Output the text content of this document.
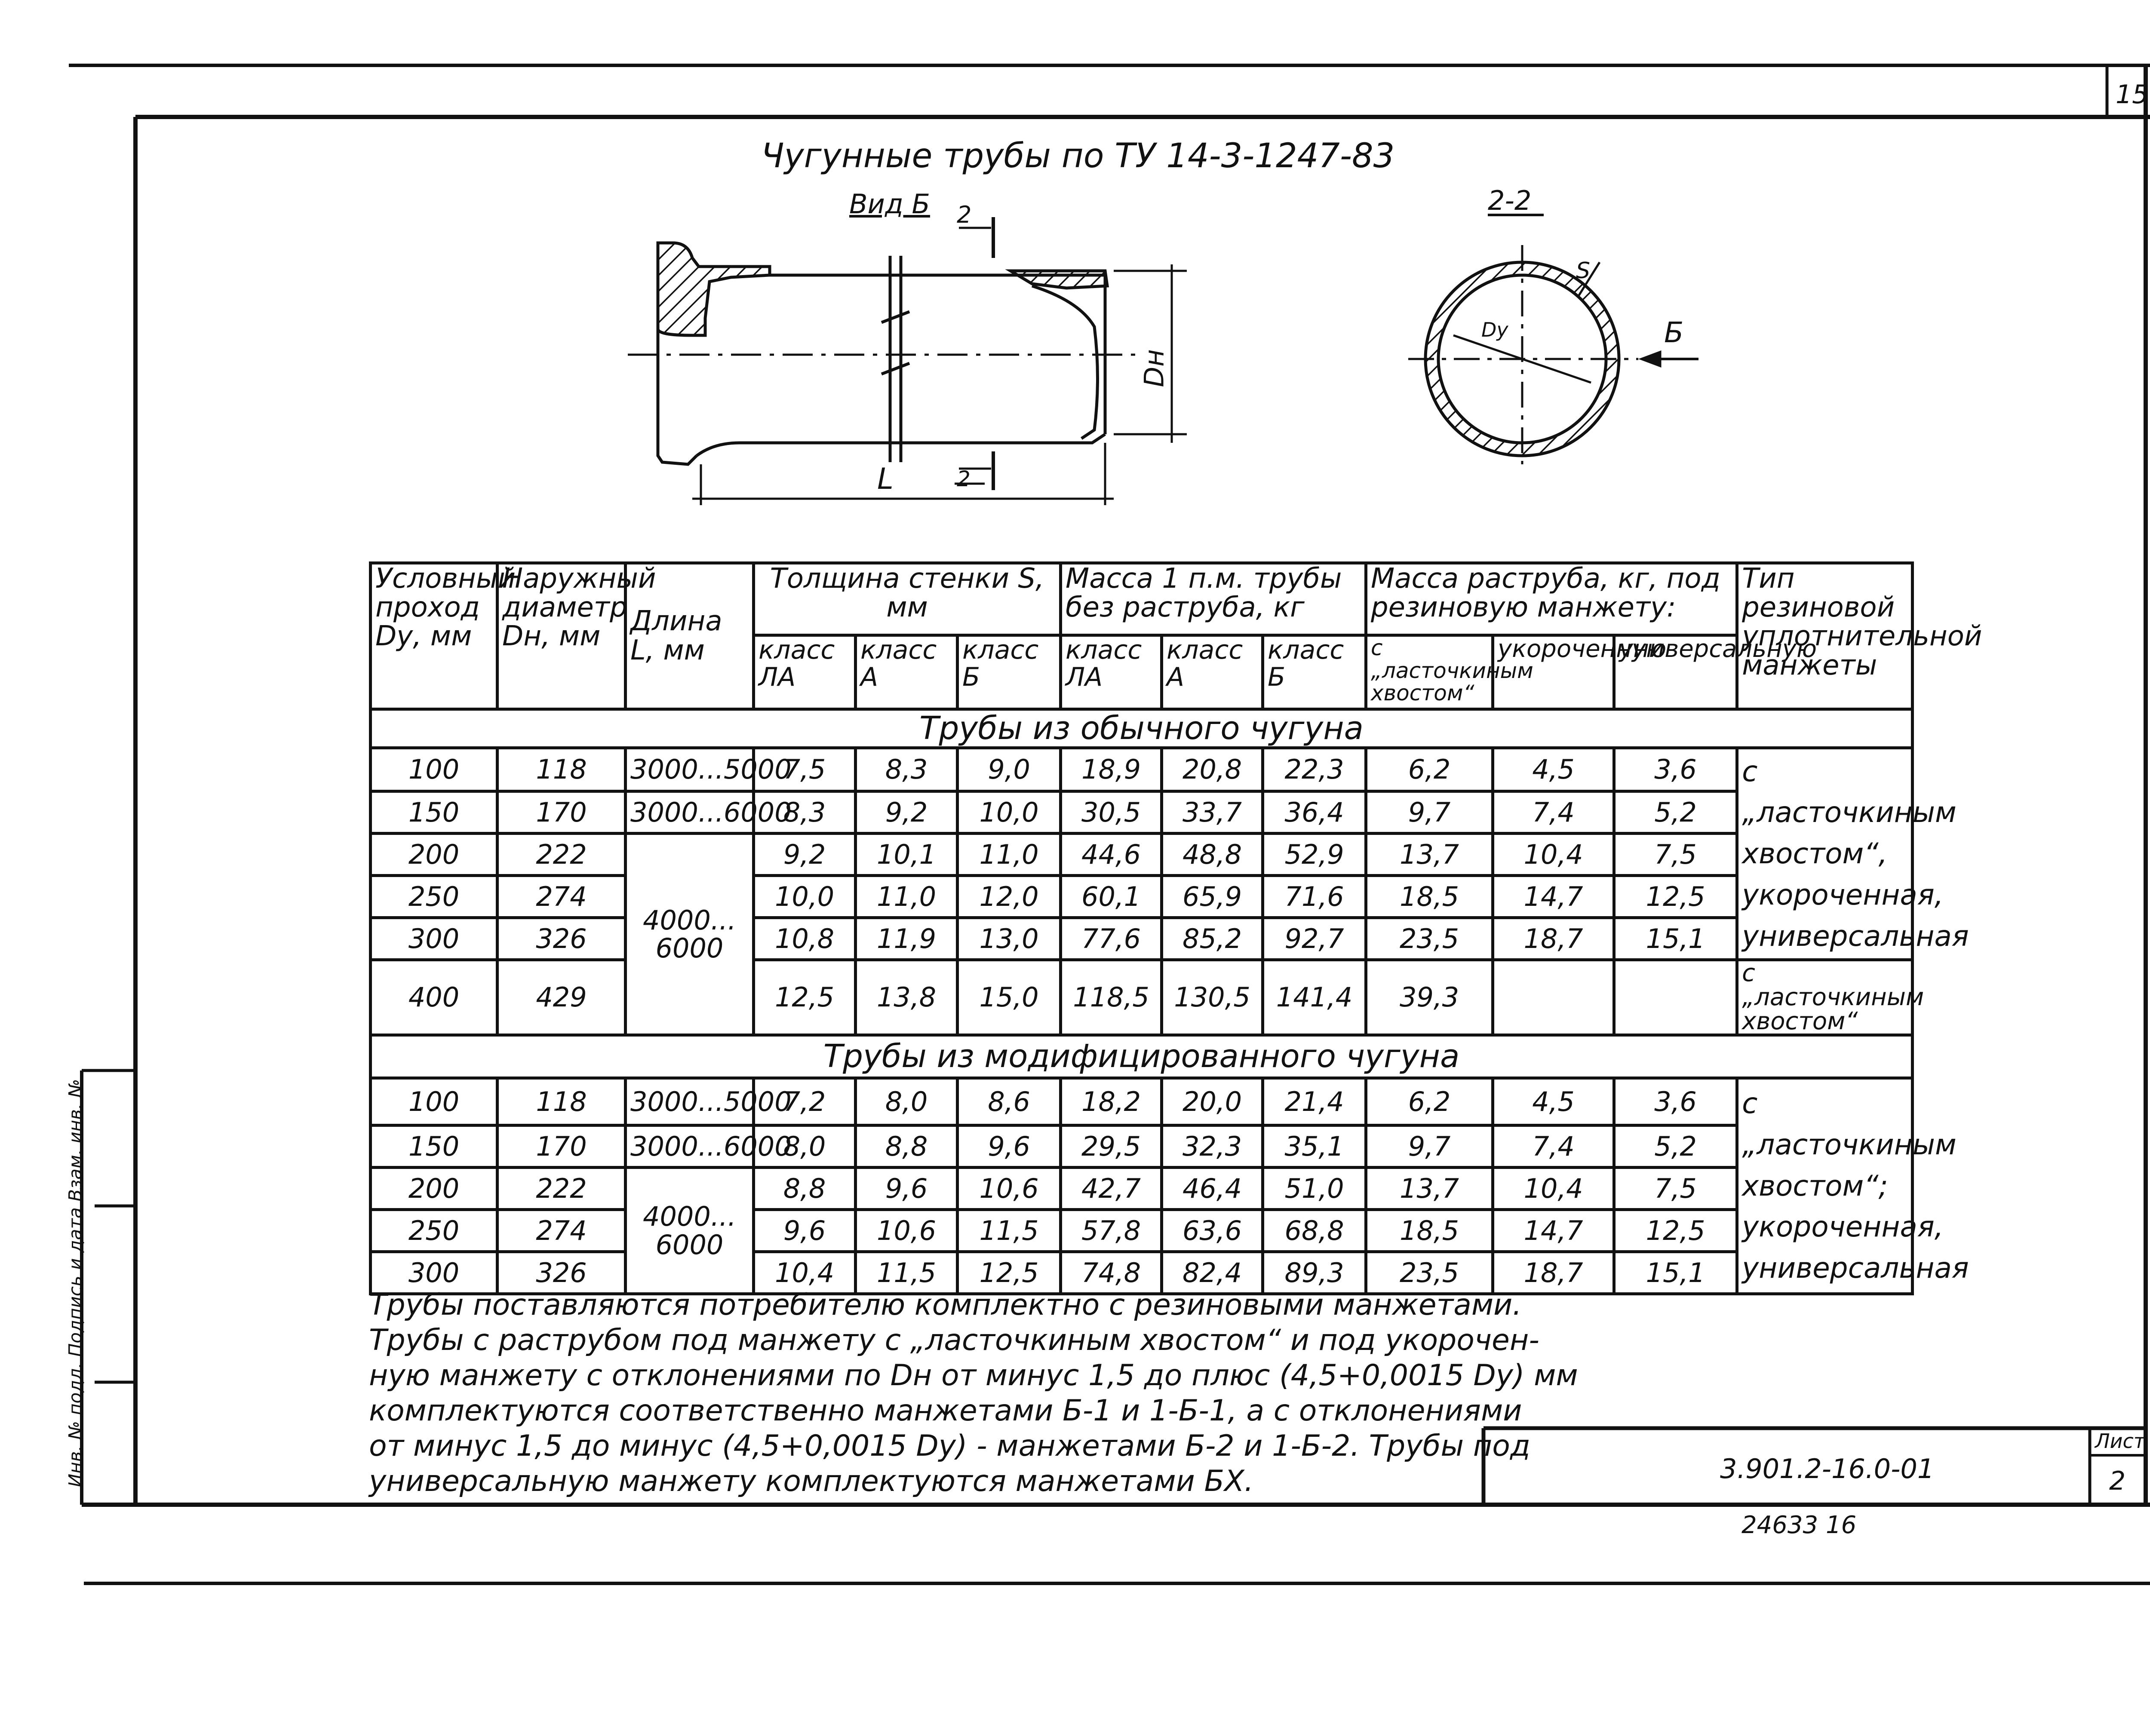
15
Чугунные трубы по ТУ 14-3-1247-83
Вид Б 2
2
Dн
L
2-2
S
Dу	Б
Условный проход Dу, мм	Наружный диаметр Dн, мм	Длина L, мм	Толщина стенки S, мм			Масса 1 п.м. трубы без раструба, кг			Масса раструба, кг, под резиновую манжету:			Тип резиновой уплотнительной манжеты
			класс ЛА	класс А	класс Б	класс ЛА	класс А	класс Б	с „ласточкиным хвостом“	укороченную	универсальную	
Трубы из обычного чугуна												
100	118	3000...5000	7,5	8,3	9,0	18,9	20,8	22,3	6,2	4,5	3,6	с „ласточкиным хвостом“, укороченная, универсальная
150	170	3000...6000	8,3	9,2	10,0	30,5	33,7	36,4	9,7	7,4	5,2	
200	222	4000... 6000	9,2	10,1	11,0	44,6	48,8	52,9	13,7	10,4	7,5	
250	274		10,0	11,0	12,0	60,1	65,9	71,6	18,5	14,7	12,5	
300	326		10,8	11,9	13,0	77,6	85,2	92,7	23,5	18,7	15,1	
400	429		12,5	13,8	15,0	118,5	130,5	141,4	39,3			с „ласточкиным хвостом“
Трубы из модифицированного чугуна												
100	118	3000...5000	7,2	8,0	8,6	18,2	20,0	21,4	6,2	4,5	3,6	с „ласточкиным хвостом“; укороченная, универсальная
150	170	3000...6000	8,0	8,8	9,6	29,5	32,3	35,1	9,7	7,4	5,2	
200	222	4000... 6000	8,8	9,6	10,6	42,7	46,4	51,0	13,7	10,4	7,5	
250	274		9,6	10,6	11,5	57,8	63,6	68,8	18,5	14,7	12,5	
300	326		10,4	11,5	12,5	74,8	82,4	89,3	23,5	18,7	15,1	
Трубы поставляются потребителю комплектно с резиновыми манжетами.
Трубы с раструбом под манжету с „ласточкиным хвостом“ и под укорочен-
ную манжету с отклонениями по Dн от минус 1,5 до плюс (4,5+0,0015 Dу) мм
комплектуются соответственно манжетами Б-1 и 1-Б-1, а с отклонениями
от минус 1,5 до минус (4,5+0,0015 Dу) - манжетами Б-2 и 1-Б-2. Трубы под
универсальную манжету комплектуются манжетами БХ.	3.901.2-16.0-01
Лист
2
24633 16
Инв. № подл. Подпись и дата Взам. инв. №
